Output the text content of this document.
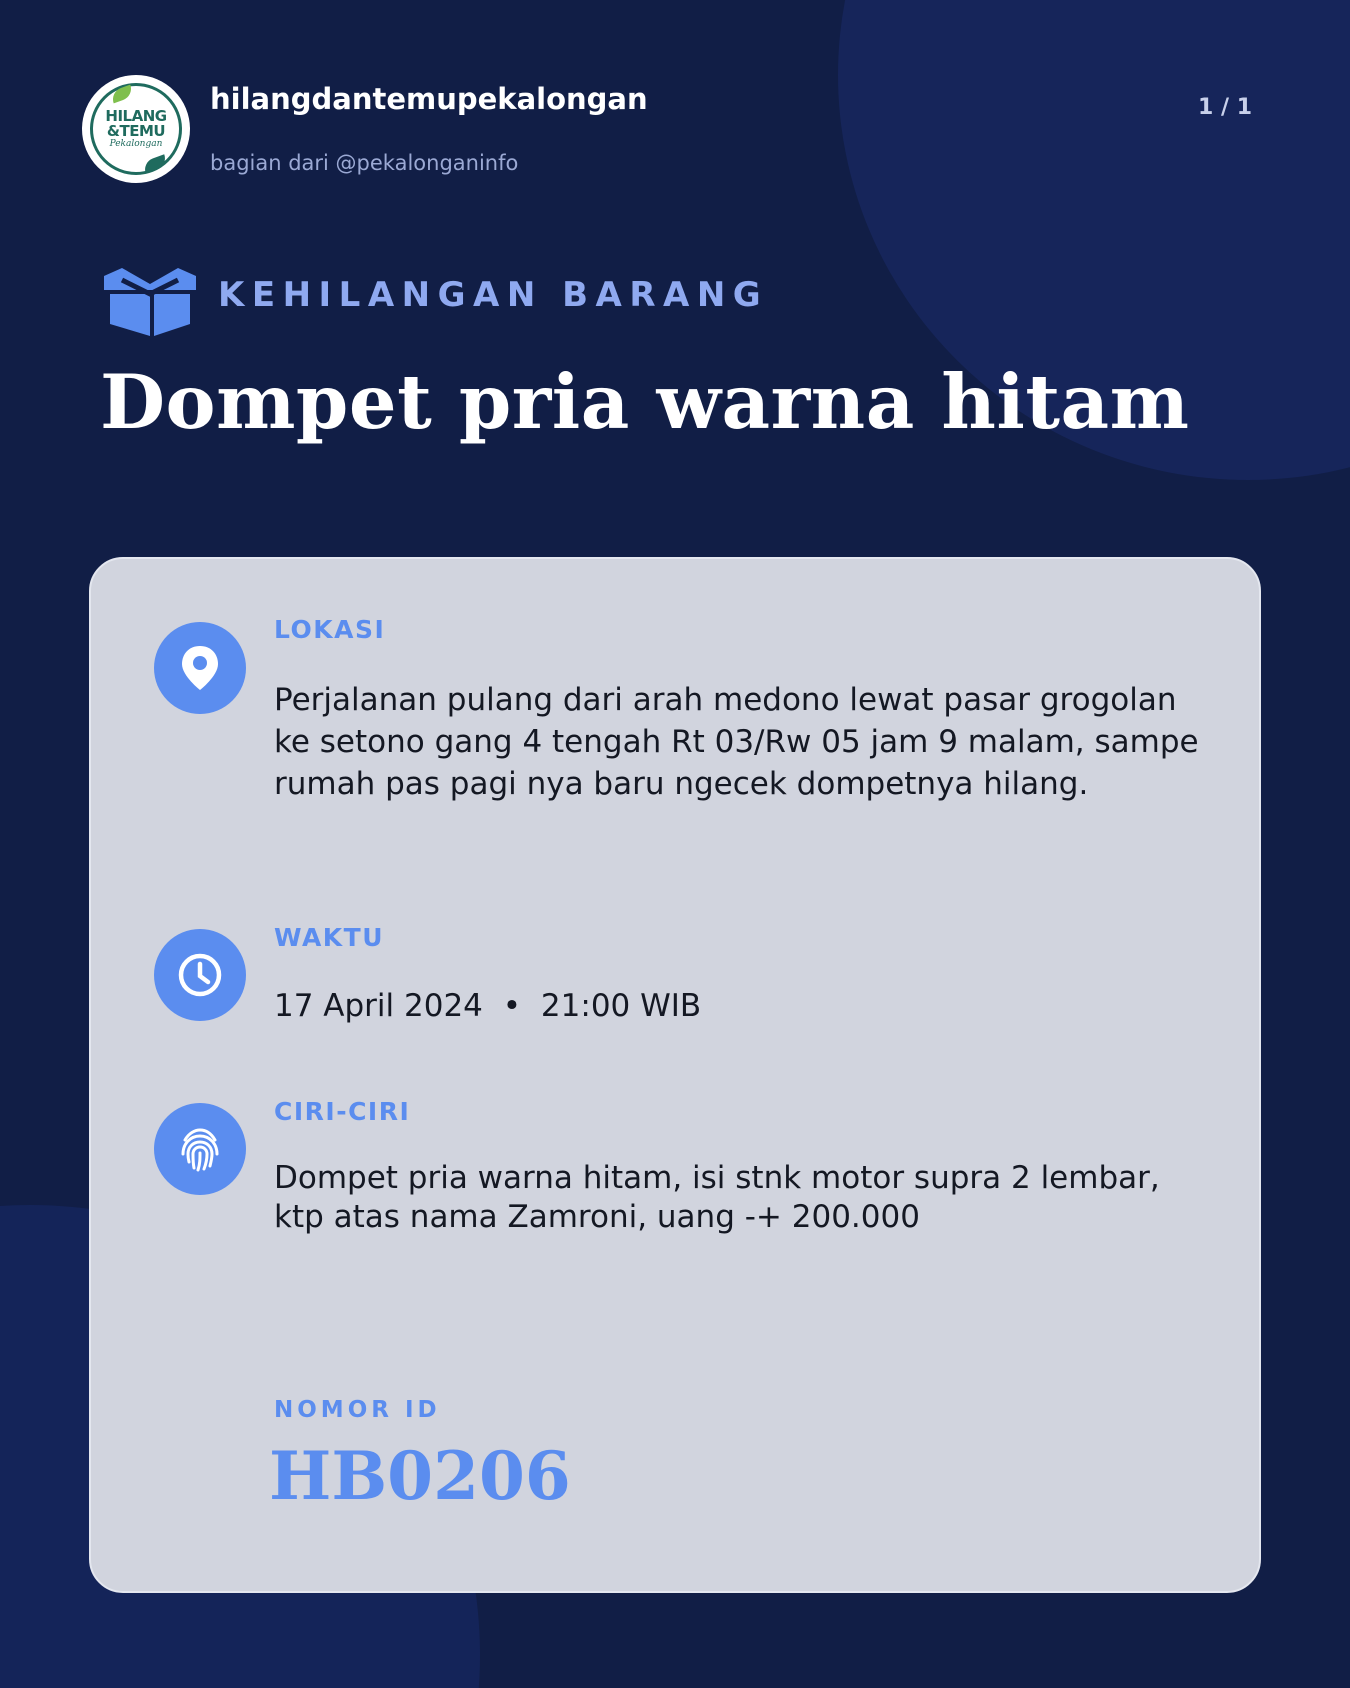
HILANG
&TEMU
Pekalongan
hilangdantemupekalongan
bagian dari @pekalonganinfo
1 / 1
KEHILANGAN BARANG
Dompet pria warna hitam
LOKASI
Perjalanan pulang dari arah medono lewat pasar grogolan ke setono gang 4 tengah Rt 03/Rw 05 jam 9 malam, sampe rumah pas pagi nya baru ngecek dompetnya hilang.
WAKTU
17 April 2024 • 21:00 WIB
CIRI-CIRI
Dompet pria warna hitam, isi stnk motor supra 2 lembar, ktp atas nama Zamroni, uang -+ 200.000
NOMOR ID
HB0206
